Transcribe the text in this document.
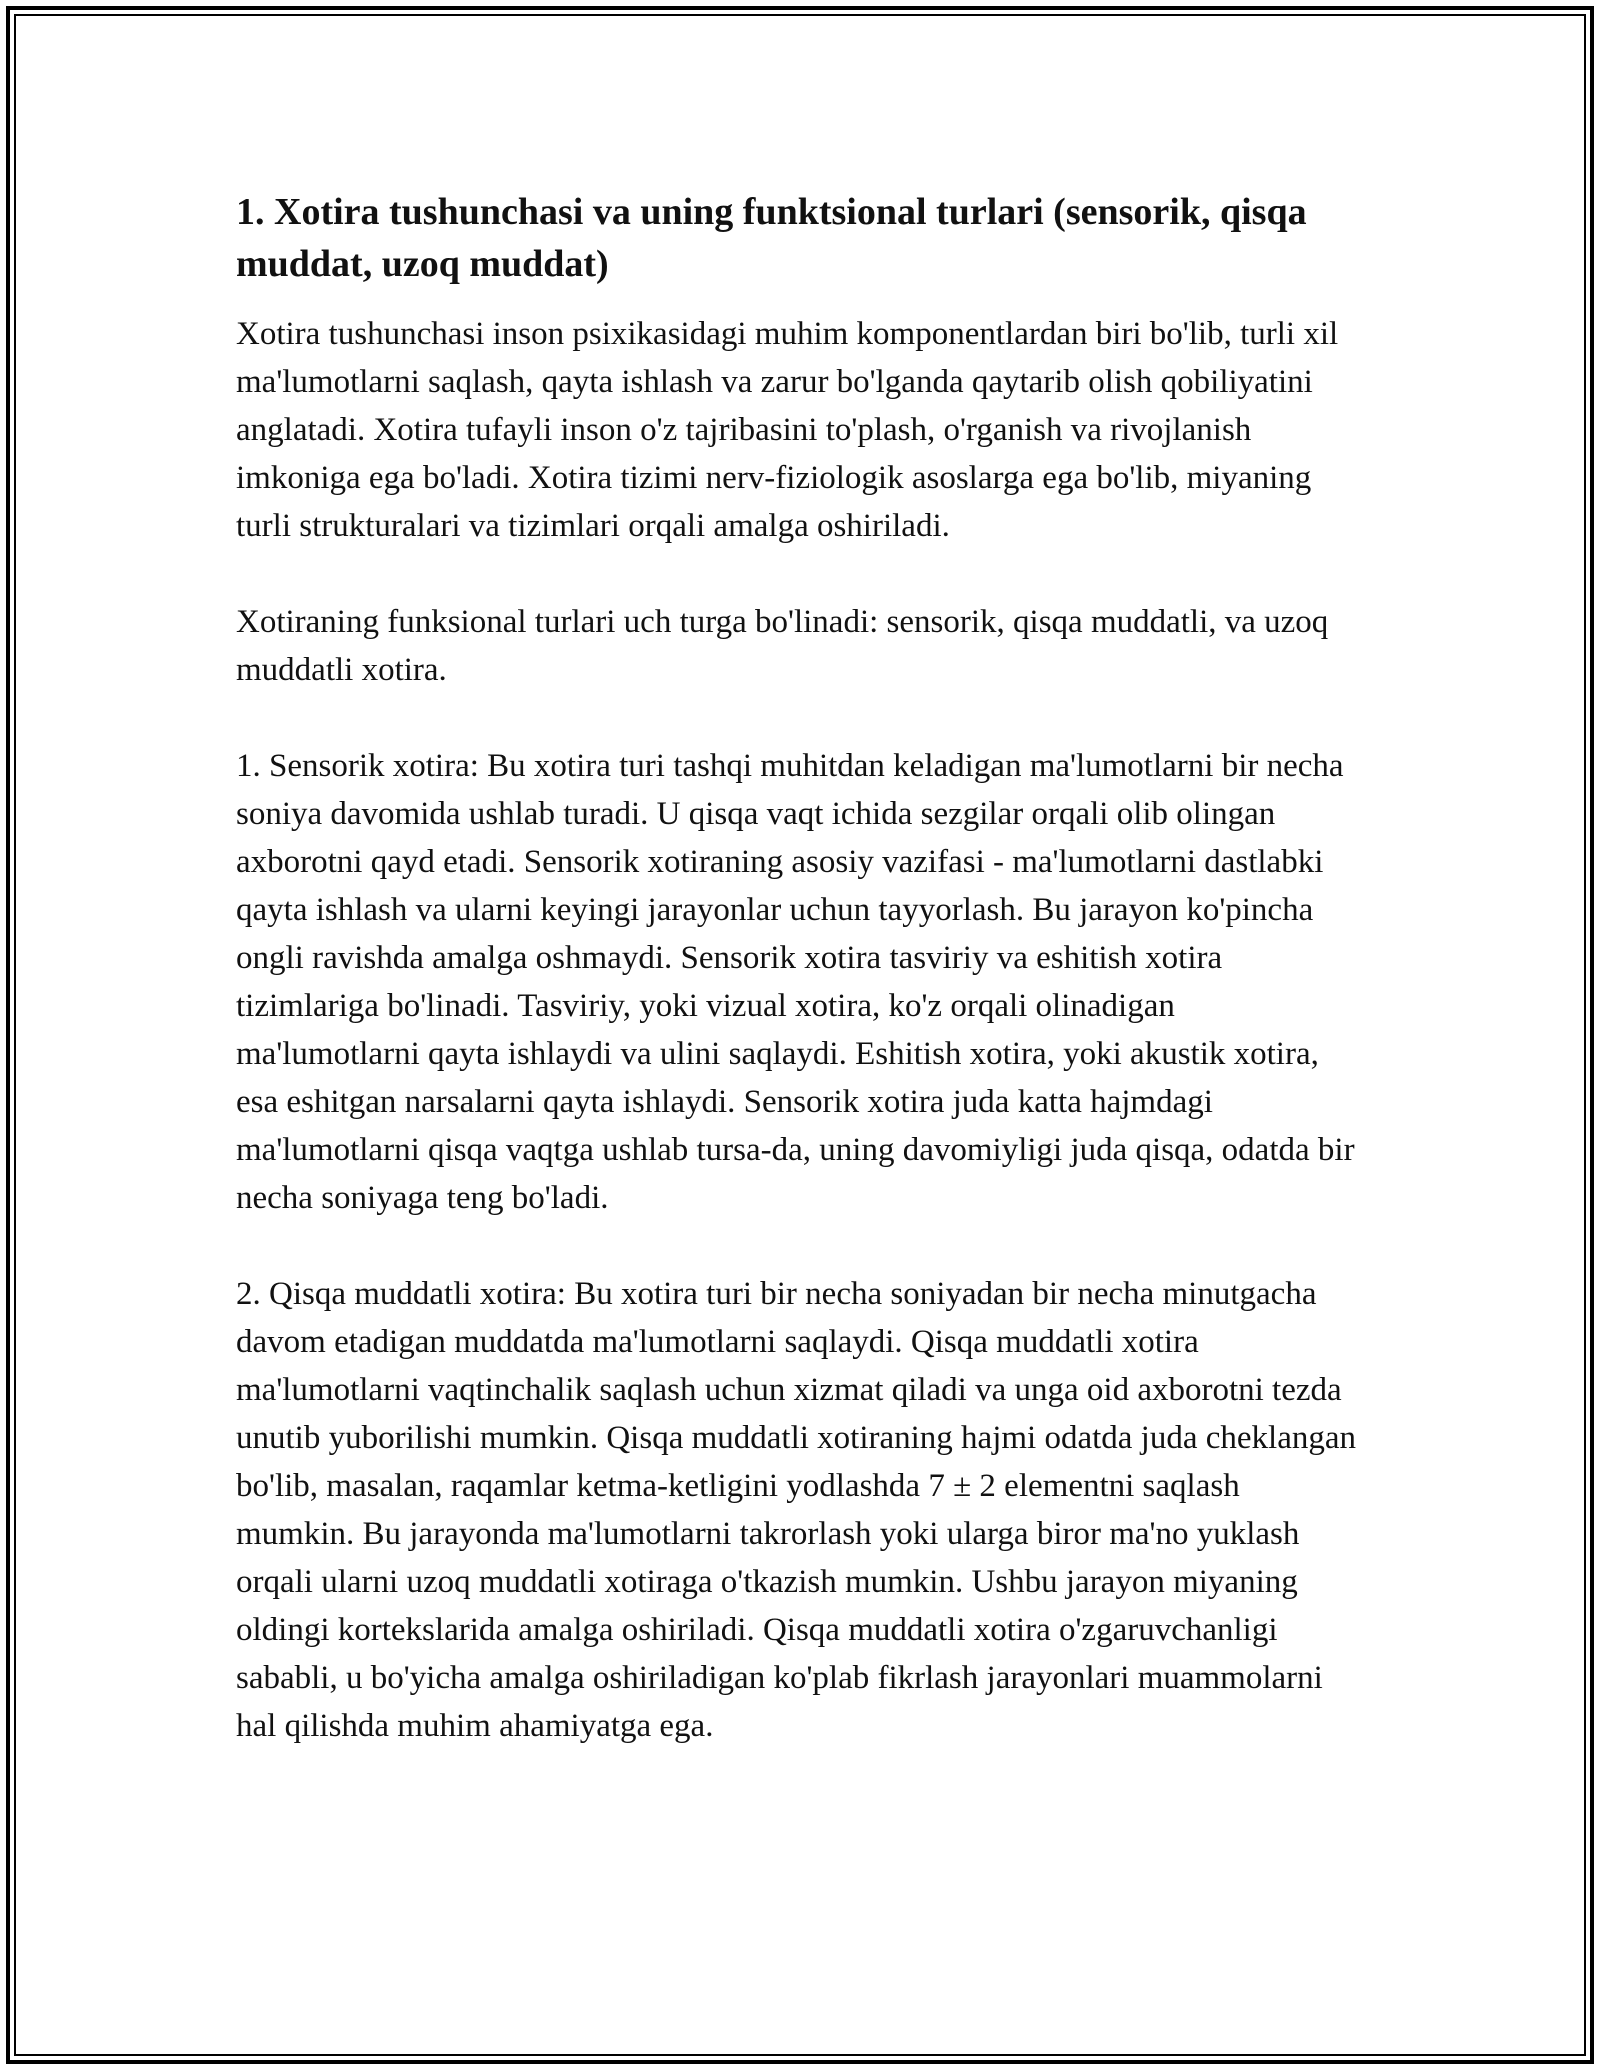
1. Xotira tushunchasi va uning funktsional turlari (sensorik, qisqa muddat, uzoq muddat)

Xotira tushunchasi inson psixikasidagi muhim komponentlardan biri bo'lib, turli xil ma'lumotlarni saqlash, qayta ishlash va zarur bo'lganda qaytarib olish qobiliyatini anglatadi. Xotira tufayli inson o'z tajribasini to'plash, o'rganish va rivojlanish imkoniga ega bo'ladi. Xotira tizimi nerv-fiziologik asoslarga ega bo'lib, miyaning turli strukturalari va tizimlari orqali amalga oshiriladi.

Xotiraning funksional turlari uch turga bo'linadi: sensorik, qisqa muddatli, va uzoq muddatli xotira.

1. Sensorik xotira: Bu xotira turi tashqi muhitdan keladigan ma'lumotlarni bir necha soniya davomida ushlab turadi. U qisqa vaqt ichida sezgilar orqali olib olingan axborotni qayd etadi. Sensorik xotiraning asosiy vazifasi - ma'lumotlarni dastlabki qayta ishlash va ularni keyingi jarayonlar uchun tayyorlash. Bu jarayon ko'pincha ongli ravishda amalga oshmaydi. Sensorik xotira tasviriy va eshitish xotira tizimlariga bo'linadi. Tasviriy, yoki vizual xotira, ko'z orqali olinadigan ma'lumotlarni qayta ishlaydi va ulini saqlaydi. Eshitish xotira, yoki akustik xotira, esa eshitgan narsalarni qayta ishlaydi. Sensorik xotira juda katta hajmdagi ma'lumotlarni qisqa vaqtga ushlab tursa-da, uning davomiyligi juda qisqa, odatda bir necha soniyaga teng bo'ladi.

2. Qisqa muddatli xotira: Bu xotira turi bir necha soniyadan bir necha minutgacha davom etadigan muddatda ma'lumotlarni saqlaydi. Qisqa muddatli xotira ma'lumotlarni vaqtinchalik saqlash uchun xizmat qiladi va unga oid axborotni tezda unutib yuborilishi mumkin. Qisqa muddatli xotiraning hajmi odatda juda cheklangan bo'lib, masalan, raqamlar ketma-ketligini yodlashda 7 ± 2 elementni saqlash mumkin. Bu jarayonda ma'lumotlarni takrorlash yoki ularga biror ma'no yuklash orqali ularni uzoq muddatli xotiraga o'tkazish mumkin. Ushbu jarayon miyaning oldingi kortekslarida amalga oshiriladi. Qisqa muddatli xotira o'zgaruvchanligi sababli, u bo'yicha amalga oshiriladigan ko'plab fikrlash jarayonlari muammolarni hal qilishda muhim ahamiyatga ega.
